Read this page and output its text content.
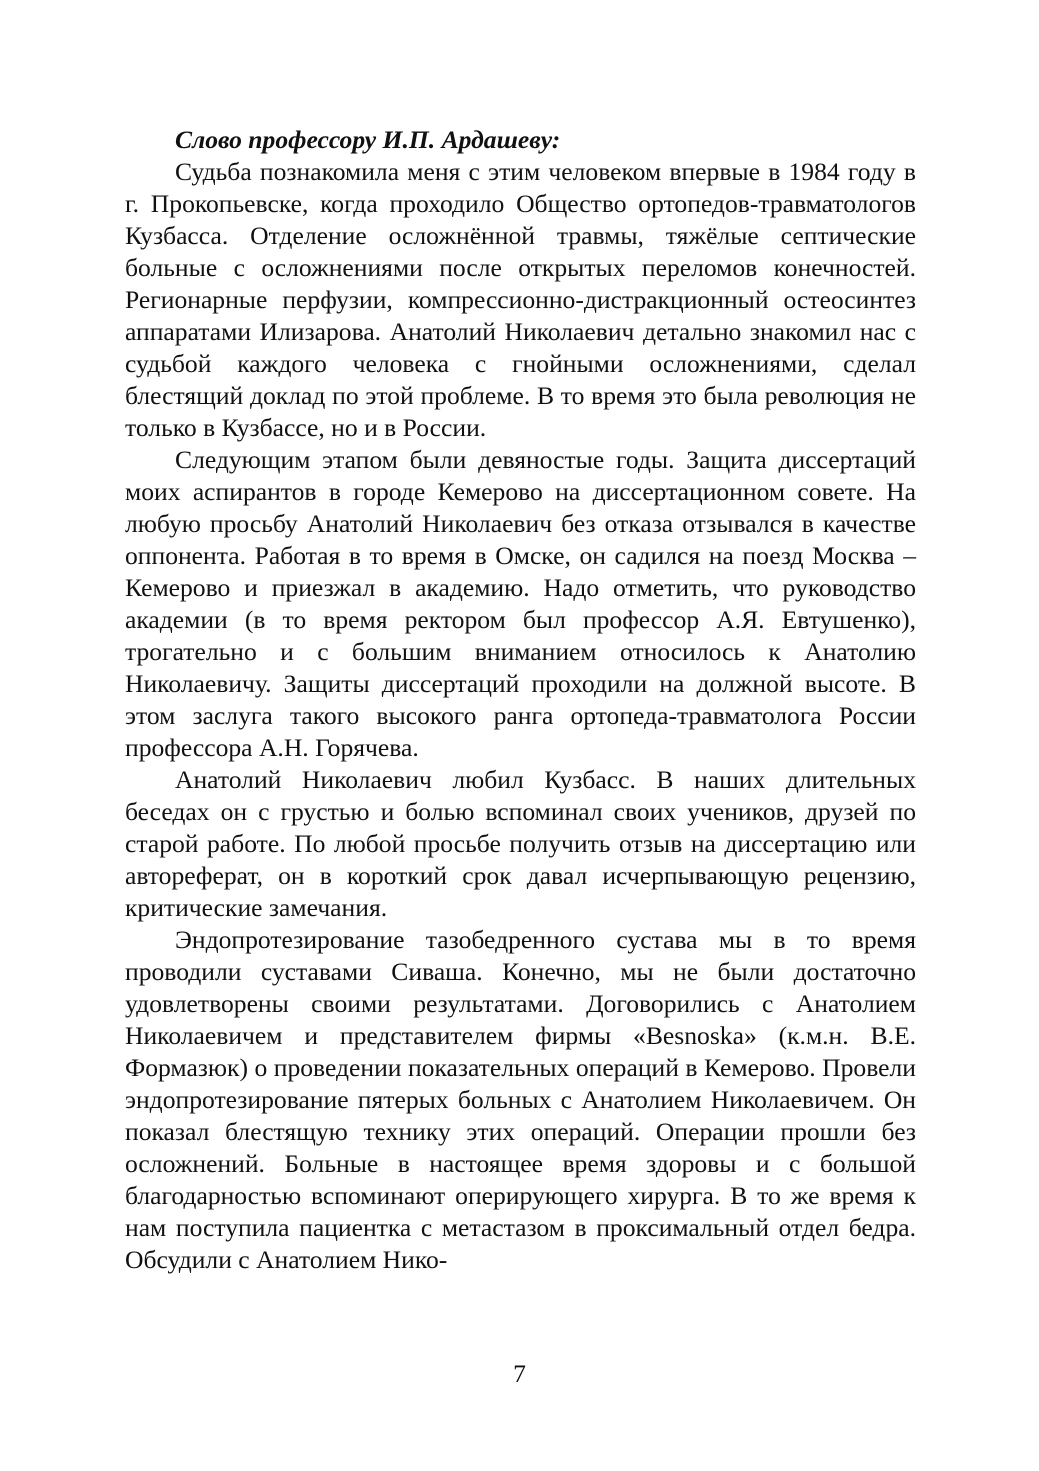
Слово профессору И.П. Ардашеву:

Судьба познакомила меня с этим человеком впервые в 1984 году в г. Прокопьевске, когда проходило Общество ортопедов-травматологов Кузбасса. Отделение осложнённой травмы, тяжёлые септические больные с осложнениями после открытых переломов конечностей. Регионарные перфузии, компрессионно-дистракционный остеосинтез аппаратами Илизарова. Анатолий Николаевич детально знакомил нас с судьбой каждого человека с гнойными осложнениями, сделал блестящий доклад по этой проблеме. В то время это была революция не только в Кузбассе, но и в России.

Следующим этапом были девяностые годы. Защита диссертаций моих аспирантов в городе Кемерово на диссертационном совете. На любую просьбу Анатолий Николаевич без отказа отзывался в качестве оппонента. Работая в то время в Омске, он садился на поезд Москва – Кемерово и приезжал в академию. Надо отметить, что руководство академии (в то время ректором был профессор А.Я. Евтушенко), трогательно и с большим вниманием относилось к Анатолию Николаевичу. Защиты диссертаций проходили на должной высоте. В этом заслуга такого высокого ранга ортопеда-травматолога России профессора А.Н. Горячева.

Анатолий Николаевич любил Кузбасс. В наших длительных беседах он с грустью и болью вспоминал своих учеников, друзей по старой работе. По любой просьбе получить отзыв на диссертацию или автореферат, он в короткий срок давал исчерпывающую рецензию, критические замечания.

Эндопротезирование тазобедренного сустава мы в то время проводили суставами Сиваша. Конечно, мы не были достаточно удовлетворены своими результатами. Договорились с Анатолием Николаевичем и представителем фирмы «Besnoska» (к.м.н. В.Е. Формазюк) о проведении показательных операций в Кемерово. Провели эндопротезирование пятерых больных с Анатолием Николаевичем. Он показал блестящую технику этих операций. Операции прошли без осложнений. Больные в настоящее время здоровы и с большой благодарностью вспоминают оперирующего хирурга. В то же время к нам поступила пациентка с метастазом в проксимальный отдел бедра. Обсудили с Анатолием Нико-

7
